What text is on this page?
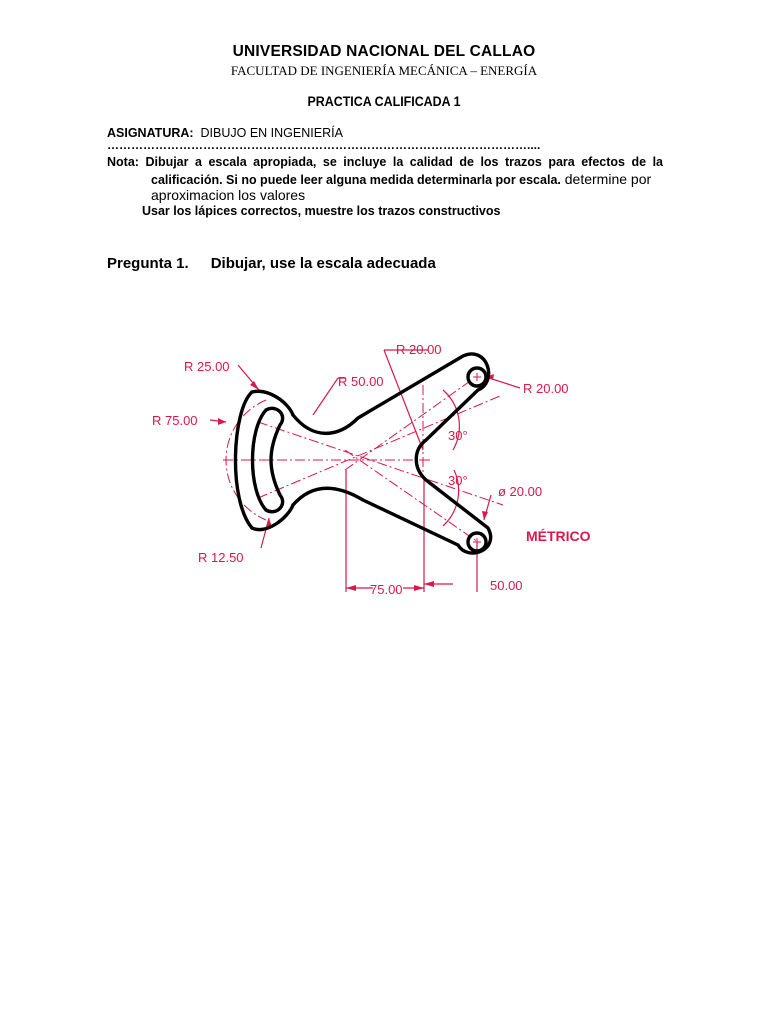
UNIVERSIDAD NACIONAL DEL CALLAO
FACULTAD DE INGENIERÍA MECÁNICA – ENERGÍA
PRACTICA CALIFICADA 1
ASIGNATURA: DIBUJO EN INGENIERÍA
……………………………………………………………………………………………....
Nota: Dibujar a escala apropiada, se incluye la calidad de los trazos para efectos de la
calificación. Si no puede leer alguna medida determinarla por escala. determine por
aproximacion los valores
Usar los lápices correctos, muestre los trazos constructivos
Pregunta 1. Dibujar, use la escala adecuada
R 20.00
R 25.00
R 50.00	R 20.00
R 75.00
30°
30°
ø 20.00
MÉTRICO
R 12.50
75.00	50.00
